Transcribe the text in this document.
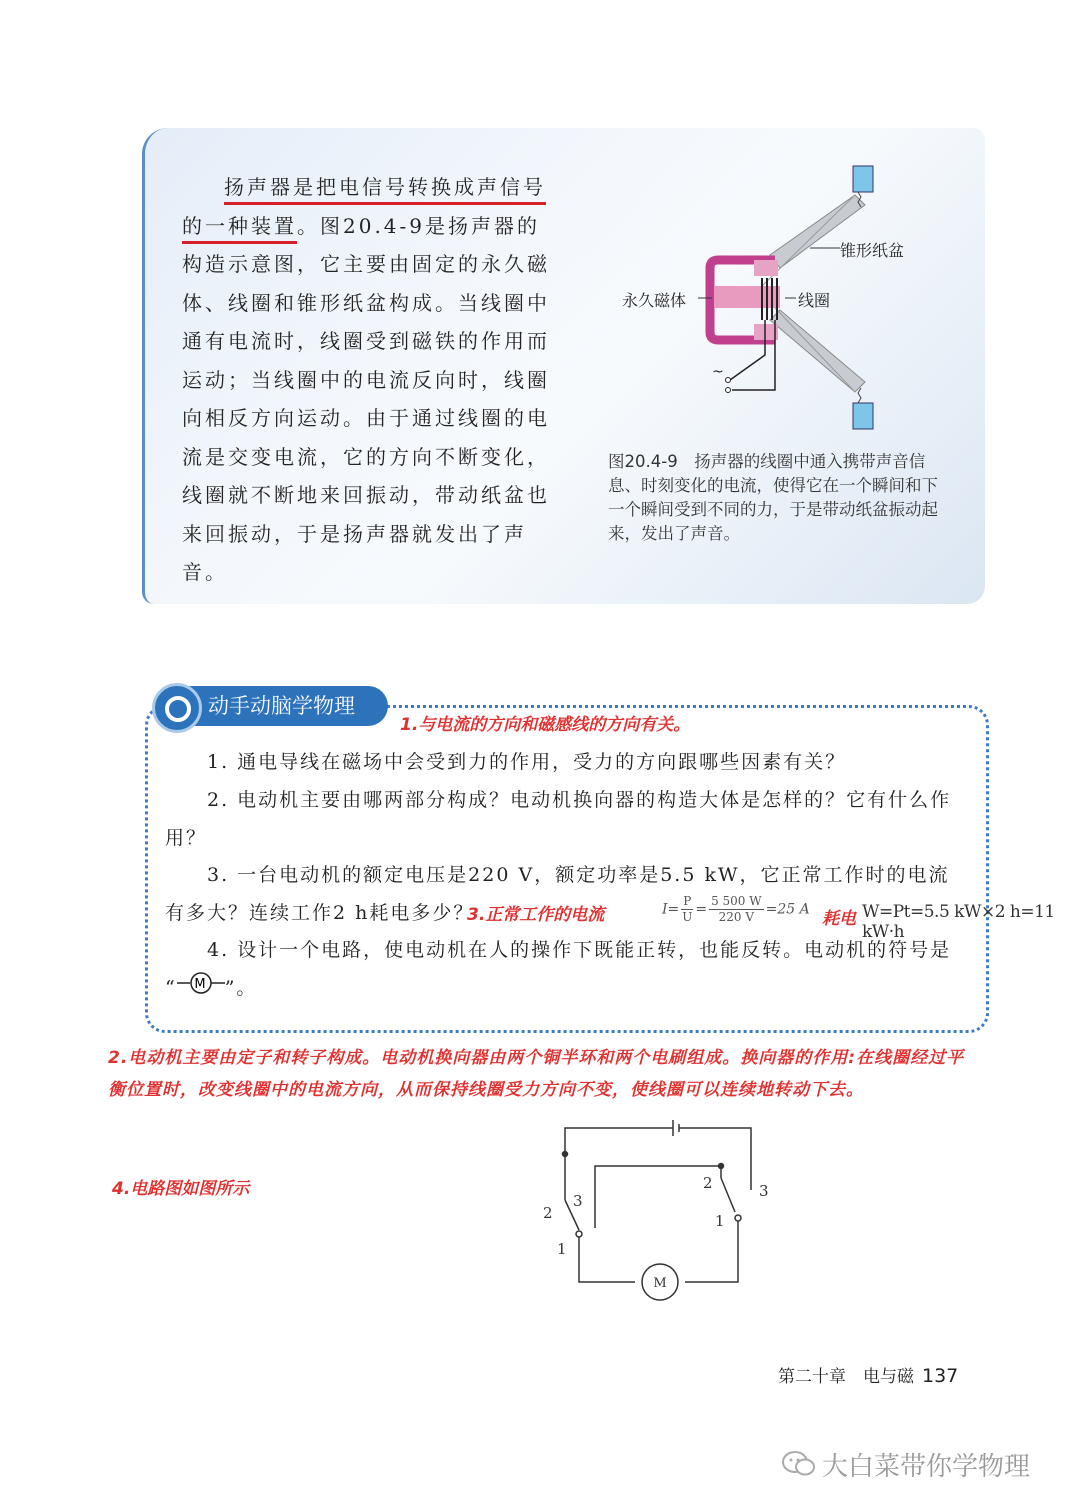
扬声器是把电信号转换成声信号的一种装置。图20.4-9是扬声器的构造示意图，它主要由固定的永久磁体、线圈和锥形纸盆构成。当线圈中通有电流时，线圈受到磁铁的作用而运动；当线圈中的电流反向时，线圈向相反方向运动。由于通过线圈的电流是交变电流，它的方向不断变化，线圈就不断地来回振动，带动纸盆也来回振动，于是扬声器就发出了声音。

锥形纸盆
永久磁体	线圈
~
图20.4-9　扬声器的线圈中通入携带声音信息、时刻变化的电流，使得它在一个瞬间和下一个瞬间受到不同的力，于是带动纸盆振动起来，发出了声音。
动手动脑学物理
1.与电流的方向和磁感线的方向有关。

1. 通电导线在磁场中会受到力的作用，受力的方向跟哪些因素有关？

2. 电动机主要由哪两部分构成？电动机换向器的构造大体是怎样的？它有什么作用？

3. 一台电动机的额定电压是220 V，额定功率是5.5 kW，它正常工作时的电流有多大？连续工作2 h耗电多少？

3.正常工作的电流	$I= \frac{P}{U} = \frac{5 500 W}{220 V} =25$ A 耗电 W=Pt=5.5 kW×2 h=11 kW·h

4. 设计一个电路，使电动机在人的操作下既能正转，也能反转。电动机的符号是

“ M ”。
2.电动机主要由定子和转子构成。电动机换向器由两个铜半环和两个电刷组成。换向器的作用:在线圈经过平衡位置时，改变线圈中的电流方向，从而保持线圈受力方向不变，使线圈可以连续地转动下去。
4.电路图如图所示
M
2
3
1
2	3
1
第二十章　电与磁 137
大白菜带你学物理
